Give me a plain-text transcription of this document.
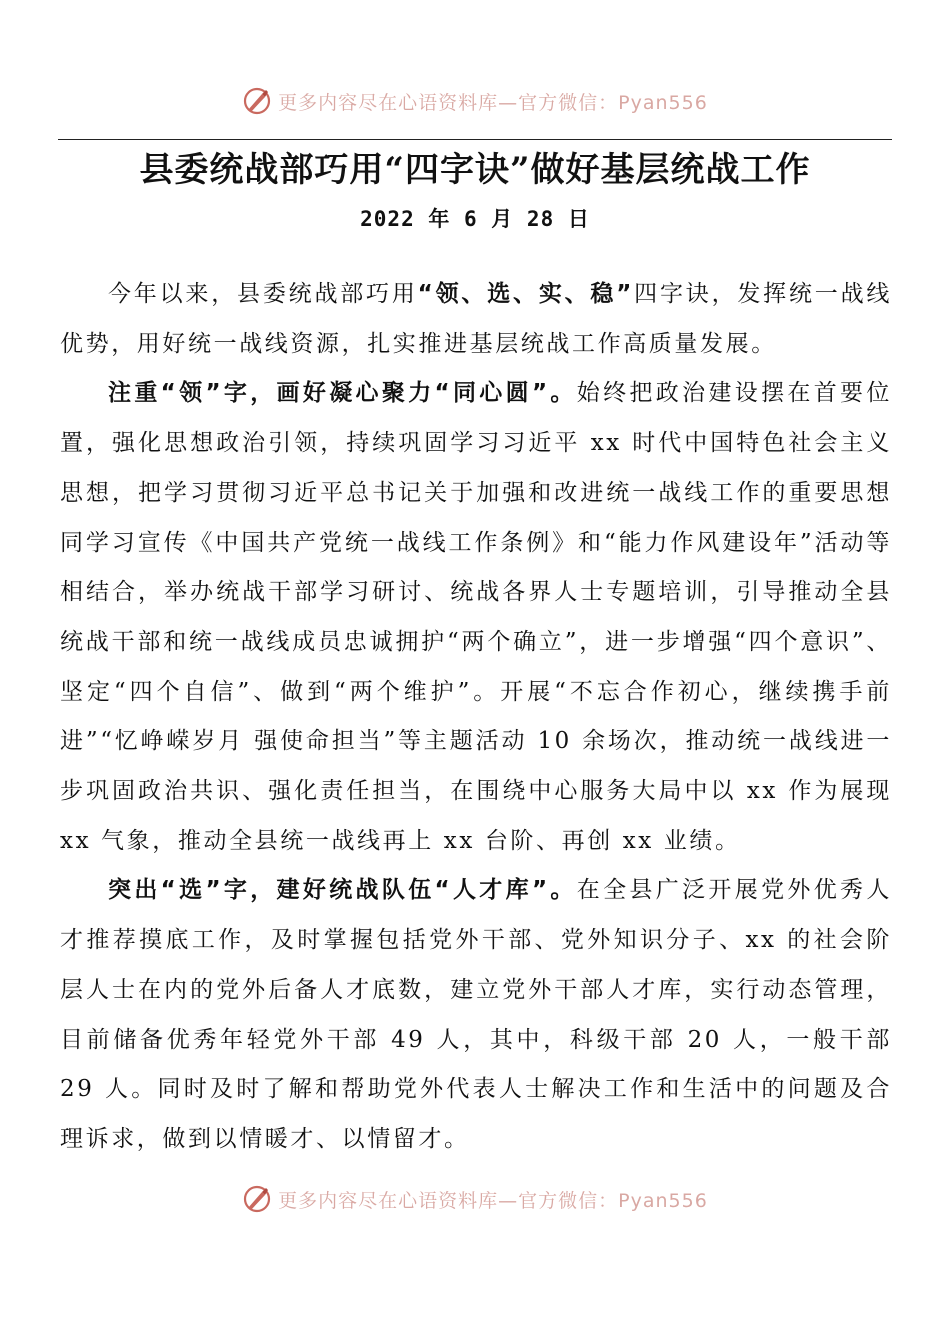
更多内容尽在心语资料库—官方微信：Pyan556
县委统战部巧用“四字诀”做好基层统战工作
2022 年 6 月 28 日

今年以来，县委统战部巧用“领、选、实、稳”四字诀，发挥统一战线优势，用好统一战线资源，扎实推进基层统战工作高质量发展。

注重“领”字，画好凝心聚力“同心圆”。始终把政治建设摆在首要位置，强化思想政治引领，持续巩固学习习近平 xx 时代中国特色社会主义思想，把学习贯彻习近平总书记关于加强和改进统一战线工作的重要思想同学习宣传《中国共产党统一战线工作条例》和“能力作风建设年”活动等相结合，举办统战干部学习研讨、统战各界人士专题培训，引导推动全县统战干部和统一战线成员忠诚拥护“两个确立”，进一步增强“四个意识”、坚定“四个自信”、做到“两个维护”。开展“不忘合作初心，继续携手前进”“忆峥嵘岁月 强使命担当”等主题活动 10 余场次，推动统一战线进一步巩固政治共识、强化责任担当，在围绕中心服务大局中以 xx 作为展现 xx 气象，推动全县统一战线再上 xx 台阶、再创 xx 业绩。

突出“选”字，建好统战队伍“人才库”。在全县广泛开展党外优秀人才推荐摸底工作，及时掌握包括党外干部、党外知识分子、xx 的社会阶层人士在内的党外后备人才底数，建立党外干部人才库，实行动态管理，目前储备优秀年轻党外干部 49 人，其中，科级干部 20 人，一般干部 29 人。同时及时了解和帮助党外代表人士解决工作和生活中的问题及合理诉求，做到以情暖才、以情留才。

更多内容尽在心语资料库—官方微信：Pyan556
